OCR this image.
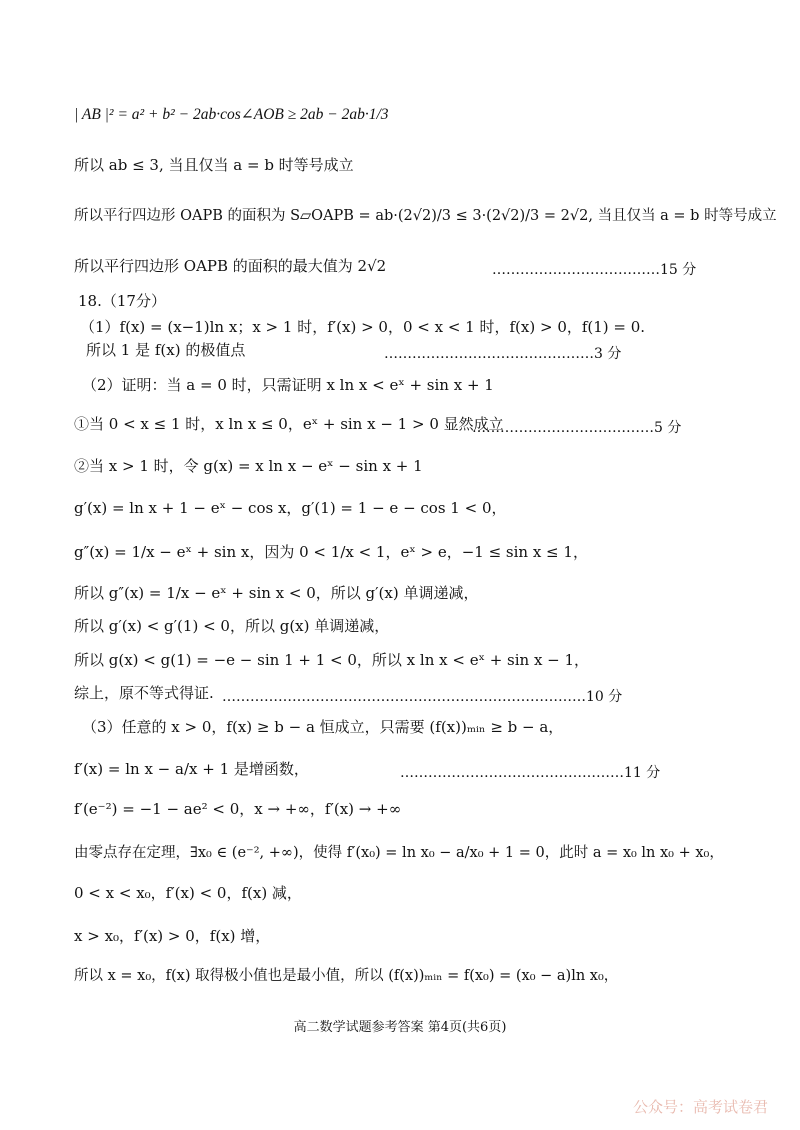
| AB |² = a² + b² − 2ab·cos∠AOB ≥ 2ab − 2ab·1/3
所以 ab ≤ 3, 当且仅当 a = b 时等号成立
所以平行四边形 OAPB 的面积为 S▱OAPB = ab·(2√2)/3 ≤ 3·(2√2)/3 = 2√2, 当且仅当 a = b 时等号成立
所以平行四边形 OAPB 的面积的最大值为 2√2	………………………………15 分
18.（17分）
（1）f(x) = (x−1)ln x；x > 1 时，f′(x) > 0，0 < x < 1 时，f(x) > 0，f(1) = 0.
所以 1 是 f(x) 的极值点	………………………………………3 分
（2）证明：当 a = 0 时，只需证明 x ln x < eˣ + sin x + 1
①当 0 < x ≤ 1 时，x ln x ≤ 0，eˣ + sin x − 1 > 0 显然成立
…………………………………5 分
②当 x > 1 时，令 g(x) = x ln x − eˣ − sin x + 1
g′(x) = ln x + 1 − eˣ − cos x，g′(1) = 1 − e − cos 1 < 0，
g″(x) = 1/x − eˣ + sin x，因为 0 < 1/x < 1，eˣ > e，−1 ≤ sin x ≤ 1，
所以 g″(x) = 1/x − eˣ + sin x < 0，所以 g′(x) 单调递减，
所以 g′(x) < g′(1) < 0，所以 g(x) 单调递减，
所以 g(x) < g(1) = −e − sin 1 + 1 < 0，所以 x ln x < eˣ + sin x − 1，
综上，原不等式得证. ……………………………………………………………………10 分
（3）任意的 x > 0，f(x) ≥ b − a 恒成立，只需要 (f(x))ₘᵢₙ ≥ b − a，
f′(x) = ln x − a/x + 1 是增函数，	…………………………………………11 分
f′(e⁻²) = −1 − ae² < 0，x → +∞，f′(x) → +∞
由零点存在定理，∃x₀ ∈ (e⁻², +∞)，使得 f′(x₀) = ln x₀ − a/x₀ + 1 = 0，此时 a = x₀ ln x₀ + x₀，
0 < x < x₀，f′(x) < 0，f(x) 减，
x > x₀，f′(x) > 0，f(x) 增，
所以 x = x₀，f(x) 取得极小值也是最小值，所以 (f(x))ₘᵢₙ = f(x₀) = (x₀ − a)ln x₀，
高二数学试题参考答案 第4页(共6页)
公众号：高考试卷君
